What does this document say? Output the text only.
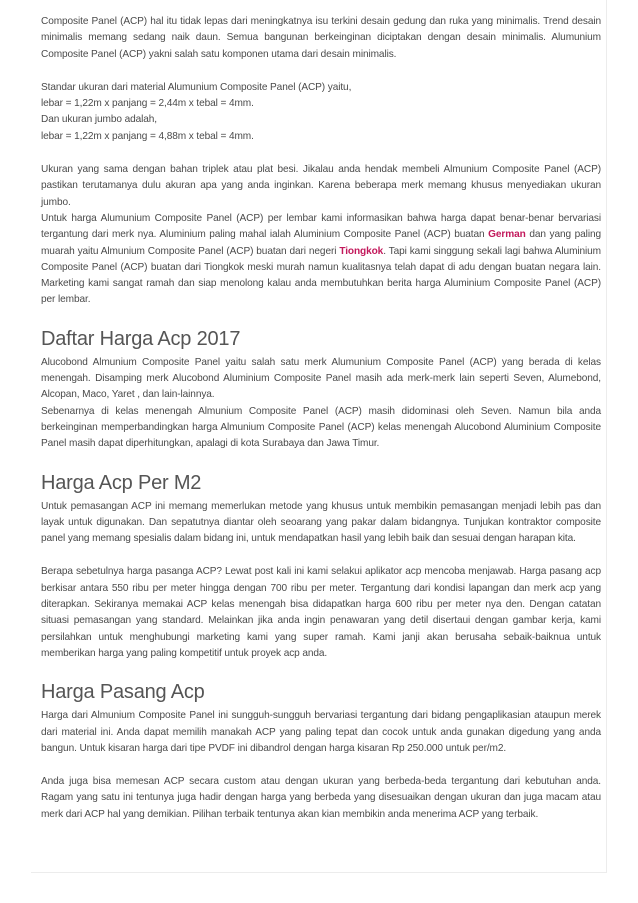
Composite Panel (ACP) hal itu tidak lepas dari meningkatnya isu terkini desain gedung dan ruka yang minimalis. Trend desain minimalis memang sedang naik daun. Semua bangunan berkeinginan diciptakan dengan desain minimalis. Alumunium Composite Panel (ACP) yakni salah satu komponen utama dari desain minimalis.

Standar ukuran dari material Alumunium Composite Panel (ACP) yaitu,
lebar = 1,22m x panjang = 2,44m x tebal = 4mm.
Dan ukuran jumbo adalah,
lebar = 1,22m x panjang = 4,88m x tebal = 4mm.

Ukuran yang sama dengan bahan triplek atau plat besi. Jikalau anda hendak membeli Almunium Composite Panel (ACP) pastikan terutamanya dulu akuran apa yang anda inginkan. Karena beberapa merk memang khusus menyediakan ukuran jumbo.

Untuk harga Alumunium Composite Panel (ACP) per lembar kami informasikan bahwa harga dapat benar-benar bervariasi tergantung dari merk nya. Aluminium paling mahal ialah Aluminium Composite Panel (ACP) buatan German dan yang paling muarah yaitu Almunium Composite Panel (ACP) buatan dari negeri Tiongkok. Tapi kami singgung sekali lagi bahwa Aluminium Composite Panel (ACP) buatan dari Tiongkok meski murah namun kualitasnya telah dapat di adu dengan buatan negara lain. Marketing kami sangat ramah dan siap menolong kalau anda membutuhkan berita harga Aluminium Composite Panel (ACP) per lembar.

Daftar Harga Acp 2017

Alucobond Almunium Composite Panel yaitu salah satu merk Alumunium Composite Panel (ACP) yang berada di kelas menengah. Disamping merk Alucobond Aluminium Composite Panel masih ada merk-merk lain seperti Seven, Alumebond, Alcopan, Maco, Yaret , dan lain-lainnya.

Sebenarnya di kelas menengah Almunium Composite Panel (ACP) masih didominasi oleh Seven. Namun bila anda berkeinginan memperbandingkan harga Almunium Composite Panel (ACP) kelas menengah Alucobond Aluminium Composite Panel masih dapat diperhitungkan, apalagi di kota Surabaya dan Jawa Timur.

Harga Acp Per M2

Untuk pemasangan ACP ini memang memerlukan metode yang khusus untuk membikin pemasangan menjadi lebih pas dan layak untuk digunakan. Dan sepatutnya diantar oleh seoarang yang pakar dalam bidangnya. Tunjukan kontraktor composite panel yang memang spesialis dalam bidang ini, untuk mendapatkan hasil yang lebih baik dan sesuai dengan harapan kita.

Berapa sebetulnya harga pasanga ACP? Lewat post kali ini kami selakui aplikator acp mencoba menjawab. Harga pasang acp berkisar antara 550 ribu per meter hingga dengan 700 ribu per meter. Tergantung dari kondisi lapangan dan merk acp yang diterapkan. Sekiranya memakai ACP kelas menengah bisa didapatkan harga 600 ribu per meter nya den. Dengan catatan situasi pemasangan yang standard. Melainkan jika anda ingin penawaran yang detil disertaui dengan gambar kerja, kami persilahkan untuk menghubungi marketing kami yang super ramah. Kami janji akan berusaha sebaik-baiknua untuk memberikan harga yang paling kompetitif untuk proyek acp anda.

Harga Pasang Acp

Harga dari Almunium Composite Panel ini sungguh-sungguh bervariasi tergantung dari bidang pengaplikasian ataupun merek dari material ini. Anda dapat memilih manakah ACP yang paling tepat dan cocok untuk anda gunakan digedung yang anda bangun. Untuk kisaran harga dari tipe PVDF ini dibandrol dengan harga kisaran Rp 250.000 untuk per/m2.

Anda juga bisa memesan ACP secara custom atau dengan ukuran yang berbeda-beda tergantung dari kebutuhan anda. Ragam yang satu ini tentunya juga hadir dengan harga yang berbeda yang disesuaikan dengan ukuran dan juga macam atau merk dari ACP hal yang demikian. Pilihan terbaik tentunya akan kian membikin anda menerima ACP yang terbaik.
